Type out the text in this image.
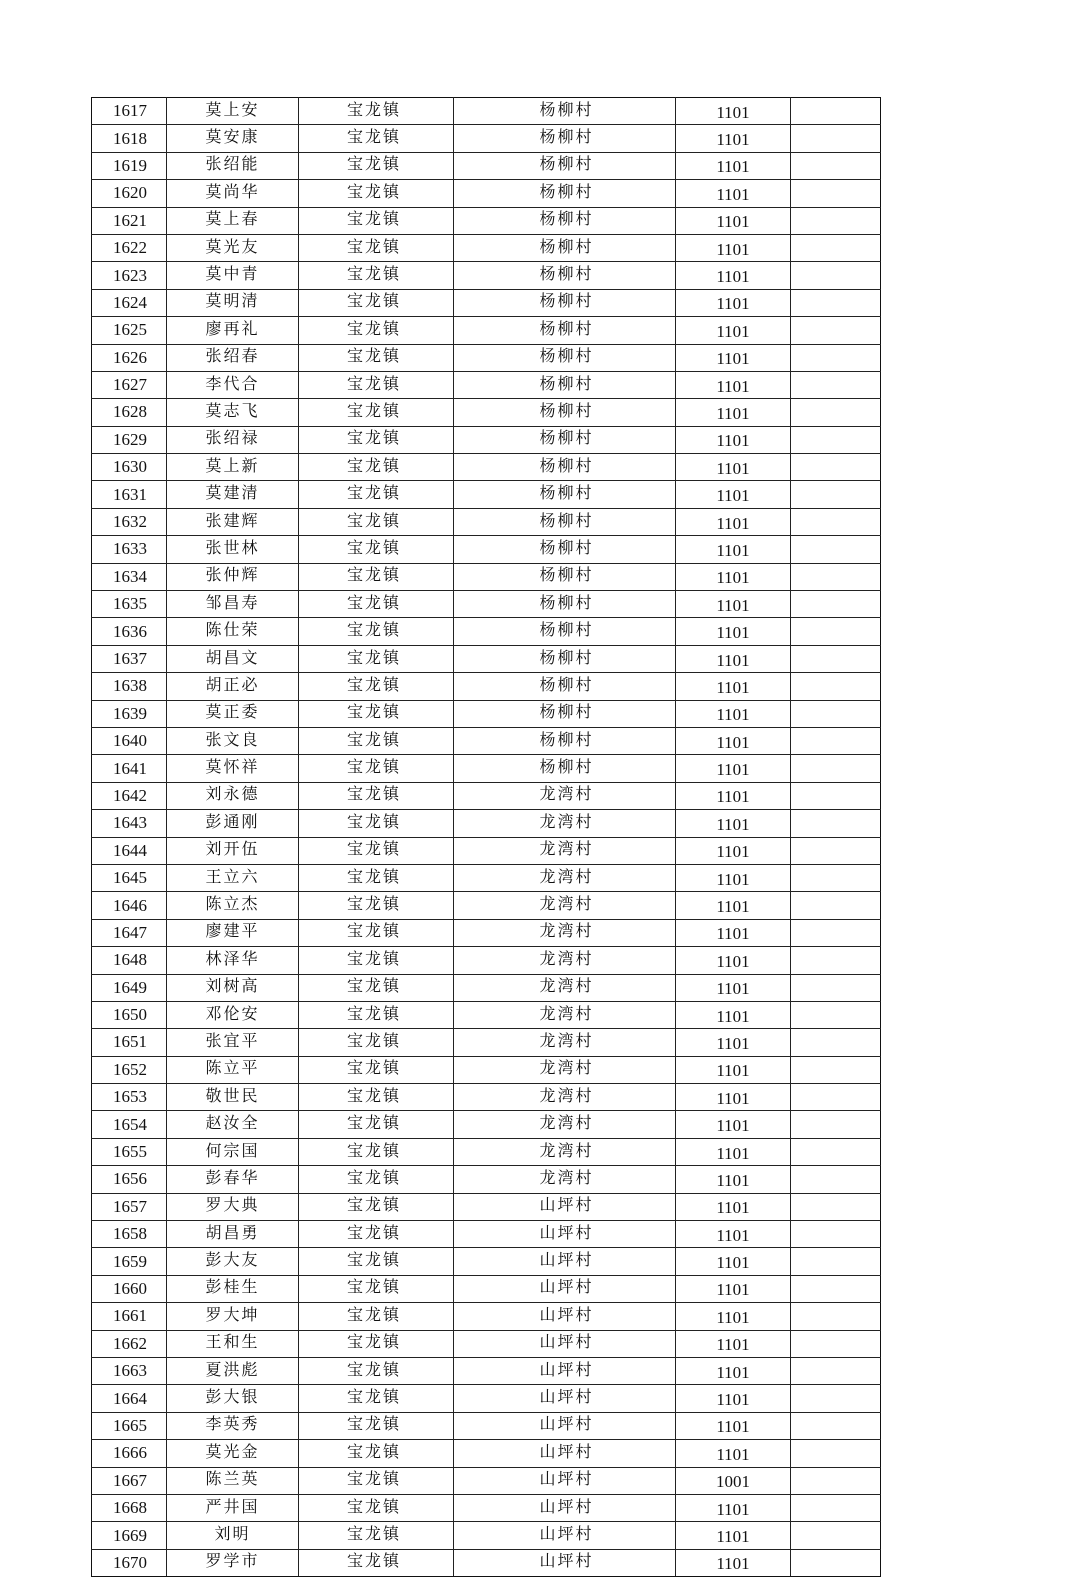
1617	莫上安	宝龙镇	杨柳村	1101	
1618	莫安康	宝龙镇	杨柳村	1101	
1619	张绍能	宝龙镇	杨柳村	1101	
1620	莫尚华	宝龙镇	杨柳村	1101	
1621	莫上春	宝龙镇	杨柳村	1101	
1622	莫光友	宝龙镇	杨柳村	1101	
1623	莫中青	宝龙镇	杨柳村	1101	
1624	莫明清	宝龙镇	杨柳村	1101	
1625	廖再礼	宝龙镇	杨柳村	1101	
1626	张绍春	宝龙镇	杨柳村	1101	
1627	李代合	宝龙镇	杨柳村	1101	
1628	莫志飞	宝龙镇	杨柳村	1101	
1629	张绍禄	宝龙镇	杨柳村	1101	
1630	莫上新	宝龙镇	杨柳村	1101	
1631	莫建清	宝龙镇	杨柳村	1101	
1632	张建辉	宝龙镇	杨柳村	1101	
1633	张世林	宝龙镇	杨柳村	1101	
1634	张仲辉	宝龙镇	杨柳村	1101	
1635	邹昌寿	宝龙镇	杨柳村	1101	
1636	陈仕荣	宝龙镇	杨柳村	1101	
1637	胡昌文	宝龙镇	杨柳村	1101	
1638	胡正必	宝龙镇	杨柳村	1101	
1639	莫正委	宝龙镇	杨柳村	1101	
1640	张文良	宝龙镇	杨柳村	1101	
1641	莫怀祥	宝龙镇	杨柳村	1101	
1642	刘永德	宝龙镇	龙湾村	1101	
1643	彭通刚	宝龙镇	龙湾村	1101	
1644	刘开伍	宝龙镇	龙湾村	1101	
1645	王立六	宝龙镇	龙湾村	1101	
1646	陈立杰	宝龙镇	龙湾村	1101	
1647	廖建平	宝龙镇	龙湾村	1101	
1648	林泽华	宝龙镇	龙湾村	1101	
1649	刘树高	宝龙镇	龙湾村	1101	
1650	邓伦安	宝龙镇	龙湾村	1101	
1651	张宜平	宝龙镇	龙湾村	1101	
1652	陈立平	宝龙镇	龙湾村	1101	
1653	敬世民	宝龙镇	龙湾村	1101	
1654	赵汝全	宝龙镇	龙湾村	1101	
1655	何宗国	宝龙镇	龙湾村	1101	
1656	彭春华	宝龙镇	龙湾村	1101	
1657	罗大典	宝龙镇	山坪村	1101	
1658	胡昌勇	宝龙镇	山坪村	1101	
1659	彭大友	宝龙镇	山坪村	1101	
1660	彭桂生	宝龙镇	山坪村	1101	
1661	罗大坤	宝龙镇	山坪村	1101	
1662	王和生	宝龙镇	山坪村	1101	
1663	夏洪彪	宝龙镇	山坪村	1101	
1664	彭大银	宝龙镇	山坪村	1101	
1665	李英秀	宝龙镇	山坪村	1101	
1666	莫光金	宝龙镇	山坪村	1101	
1667	陈兰英	宝龙镇	山坪村	1001	
1668	严井国	宝龙镇	山坪村	1101	
1669	刘明	宝龙镇	山坪村	1101	
1670	罗学市	宝龙镇	山坪村	1101	
